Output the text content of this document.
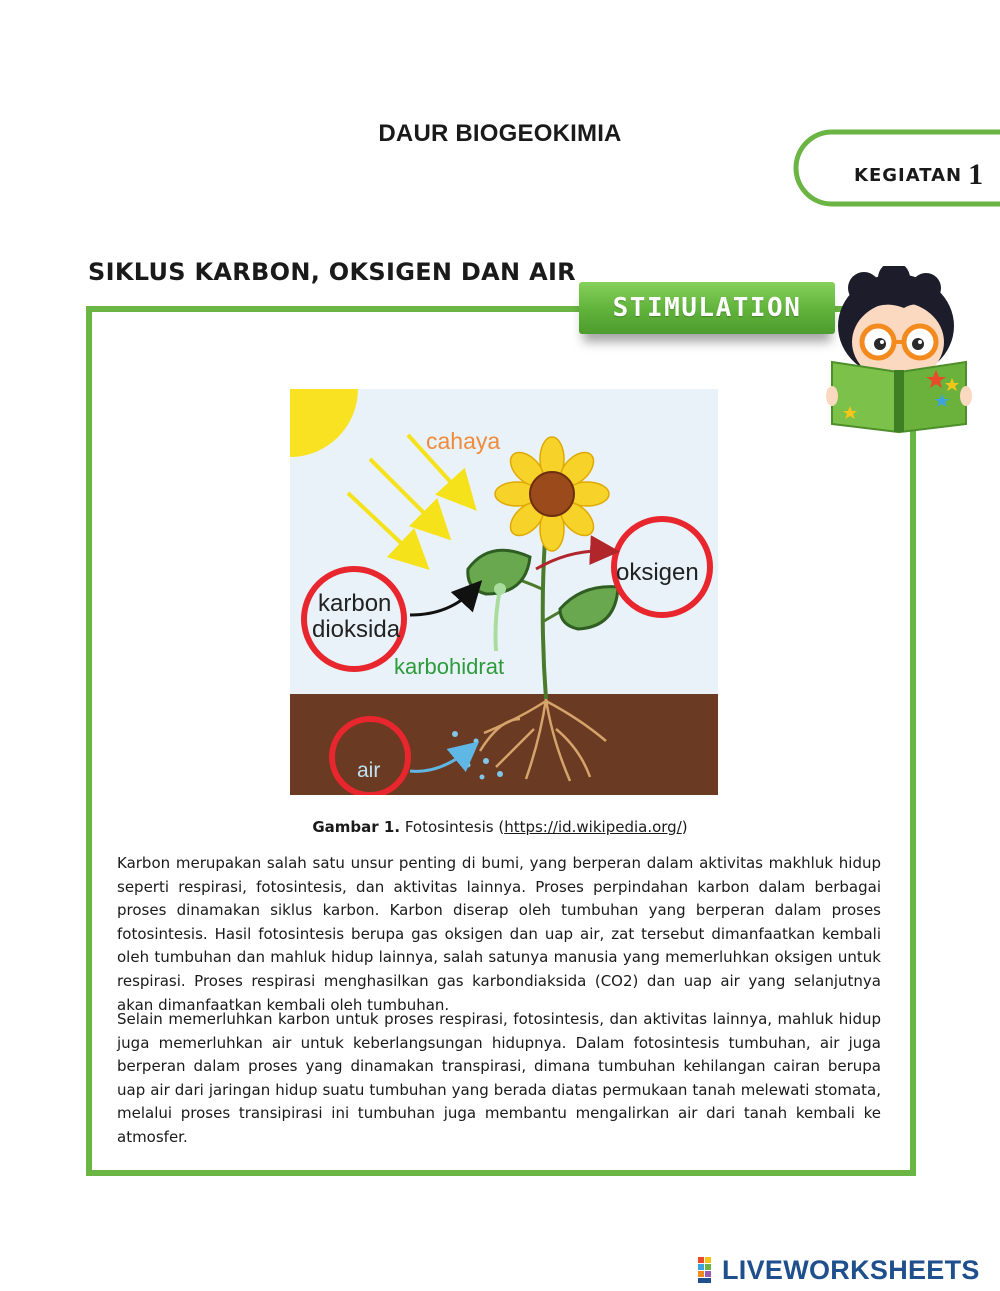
DAUR BIOGEOKIMIA
KEGIATAN 1
SIKLUS KARBON, OKSIGEN DAN AIR
STIMULATION
cahaya
oksigen
karbon
dioksida
karbohidrat
air
Gambar 1. Fotosintesis (https://id.wikipedia.org/)
Karbon merupakan salah satu unsur penting di bumi, yang berperan dalam aktivitas makhluk hidup seperti respirasi, fotosintesis, dan aktivitas lainnya. Proses perpindahan karbon dalam berbagai proses dinamakan siklus karbon. Karbon diserap oleh tumbuhan yang berperan dalam proses fotosintesis. Hasil fotosintesis berupa gas oksigen dan uap air, zat tersebut dimanfaatkan kembali oleh tumbuhan dan mahluk hidup lainnya, salah satunya manusia yang memerluhkan oksigen untuk respirasi. Proses respirasi menghasilkan gas karbondiaksida (CO2) dan uap air yang selanjutnya akan dimanfaatkan kembali oleh tumbuhan.
Selain memerluhkan karbon untuk proses respirasi, fotosintesis, dan aktivitas lainnya, mahluk hidup juga memerluhkan air untuk keberlangsungan hidupnya. Dalam fotosintesis tumbuhan, air juga berperan dalam proses yang dinamakan transpirasi, dimana tumbuhan kehilangan cairan berupa uap air dari jaringan hidup suatu tumbuhan yang berada diatas permukaan tanah melewati stomata, melalui proses transipirasi ini tumbuhan juga membantu mengalirkan air dari tanah kembali ke atmosfer.
LIVEWORKSHEETS
